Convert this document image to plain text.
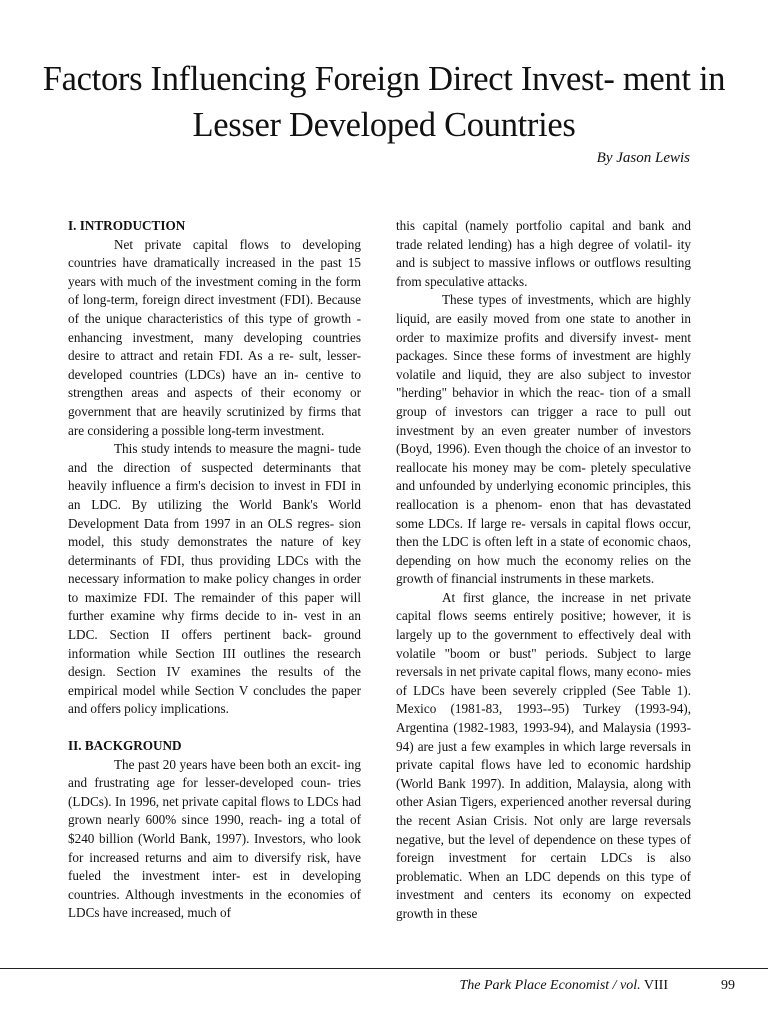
Factors Influencing Foreign Direct Invest- ment in Lesser Developed Countries

By Jason Lewis

I. INTRODUCTION

Net private capital flows to developing countries have dramatically increased in the past 15 years with much of the investment coming in the form of long-term, foreign direct investment (FDI). Because of the unique characteristics of this type of growth -enhancing investment, many developing countries desire to attract and retain FDI. As a re- sult, lesser-developed countries (LDCs) have an in- centive to strengthen areas and aspects of their economy or government that are heavily scrutinized by firms that are considering a possible long-term investment.

This study intends to measure the magni- tude and the direction of suspected determinants that heavily influence a firm's decision to invest in FDI in an LDC. By utilizing the World Bank's World Development Data from 1997 in an OLS regres- sion model, this study demonstrates the nature of key determinants of FDI, thus providing LDCs with the necessary information to make policy changes in order to maximize FDI. The remainder of this paper will further examine why firms decide to in- vest in an LDC. Section II offers pertinent back- ground information while Section III outlines the research design. Section IV examines the results of the empirical model while Section V concludes the paper and offers policy implications.

II. BACKGROUND

The past 20 years have been both an excit- ing and frustrating age for lesser-developed coun- tries (LDCs). In 1996, net private capital flows to LDCs had grown nearly 600% since 1990, reach- ing a total of $240 billion (World Bank, 1997). Investors, who look for increased returns and aim to diversify risk, have fueled the investment inter- est in developing countries. Although investments in the economies of LDCs have increased, much of

this capital (namely portfolio capital and bank and trade related lending) has a high degree of volatil- ity and is subject to massive inflows or outflows resulting from speculative attacks.

These types of investments, which are highly liquid, are easily moved from one state to another in order to maximize profits and diversify invest- ment packages. Since these forms of investment are highly volatile and liquid, they are also subject to investor "herding" behavior in which the reac- tion of a small group of investors can trigger a race to pull out investment by an even greater number of investors (Boyd, 1996). Even though the choice of an investor to reallocate his money may be com- pletely speculative and unfounded by underlying economic principles, this reallocation is a phenom- enon that has devastated some LDCs. If large re- versals in capital flows occur, then the LDC is often left in a state of economic chaos, depending on how much the economy relies on the growth of financial instruments in these markets.

At first glance, the increase in net private capital flows seems entirely positive; however, it is largely up to the government to effectively deal with volatile "boom or bust" periods. Subject to large reversals in net private capital flows, many econo- mies of LDCs have been severely crippled (See Table 1). Mexico (1981-83, 1993--95) Turkey (1993-94), Argentina (1982-1983, 1993-94), and Malaysia (1993-94) are just a few examples in which large reversals in private capital flows have led to economic hardship (World Bank 1997). In addition, Malaysia, along with other Asian Tigers, experienced another reversal during the recent Asian Crisis. Not only are large reversals negative, but the level of dependence on these types of foreign investment for certain LDCs is also problematic. When an LDC depends on this type of investment and centers its economy on expected growth in these

The Park Place Economist / vol. VIII	99
